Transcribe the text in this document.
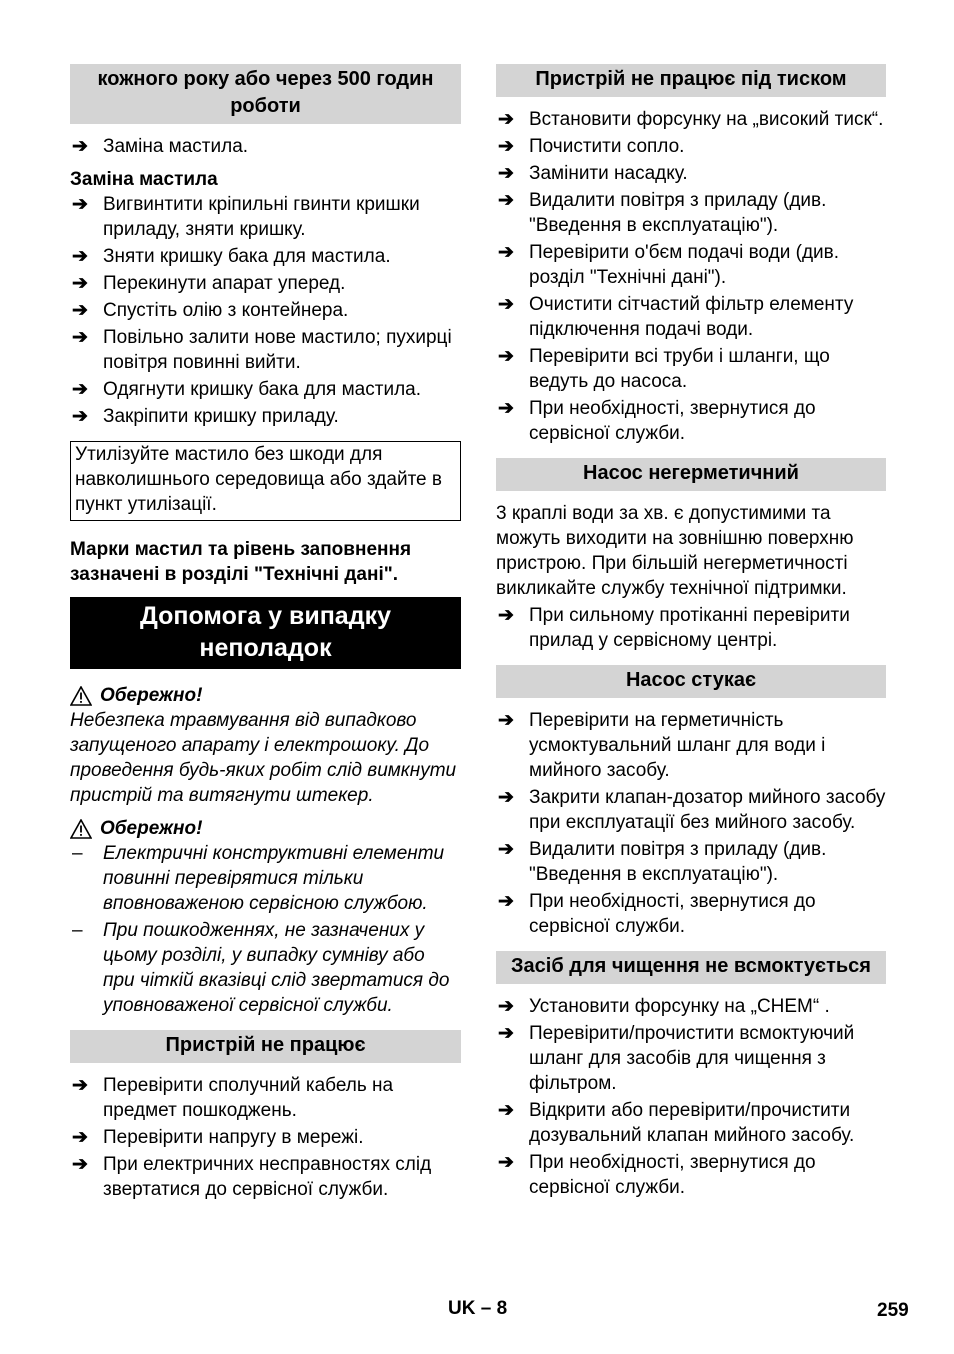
кожного року або через 500 годин роботи
➔ Заміна мастила.
Заміна мастила
➔ Вигвинтити кріпильні гвинти кришки приладу, зняти кришку.
➔ Зняти кришку бака для мастила.
➔ Перекинути апарат уперед.
➔ Спустіть олію з контейнера.
➔ Повільно залити нове мастило; пухирці повітря повинні вийти.
➔ Одягнути кришку бака для мастила.
➔ Закріпити кришку приладу.
Утилізуйте мастило без шкоди для навколишнього середовища або здайте в пункт утилізації.
Марки мастил та рівень заповнення зазначені в розділі "Технічні дані".
Допомога у випадку неполадок
Обережно!
Небезпека травмування від випадково запущеного апарату і електрошоку. До проведення будь-яких робіт слід вимкнути пристрій та витягнути штекер.
Обережно!
– Електричні конструктивні елементи повинні перевірятися тільки вповноваженою сервісною службою.
– При пошкодженнях, не зазначених у цьому розділі, у випадку сумніву або при чіткій вказівці слід звертатися до уповноваженої сервісної служби.
Пристрій не працює
➔ Перевірити сполучний кабель на предмет пошкоджень.
➔ Перевірити напругу в мережі.
➔ При електричних несправностях слід звертатися до сервісної служби.
Пристрій не працює під тиском
➔ Встановити форсунку на „високий тиск“.
➔ Почистити сопло.
➔ Замінити насадку.
➔ Видалити повітря з приладу (див. "Введення в експлуатацію").
➔ Перевірити о'бєм подачі води (див. розділ "Технічні дані").
➔ Очистити сітчастий фільтр елементу підключення подачі води.
➔ Перевірити всі труби і шланги, що ведуть до насоса.
➔ При необхідності, звернутися до сервісної служби.
Насос негерметичний
3 краплі води за хв. є допустимими та можуть виходити на зовнішню поверхню пристрою. При більшій негерметичності викликайте службу технічної підтримки.
➔ При сильному протіканні перевірити прилад у сервісному центрі.
Насос стукає
➔ Перевірити на герметичність усмоктувальний шланг для води і мийного засобу.
➔ Закрити клапан-дозатор мийного засобу при експлуатації без мийного засобу.
➔ Видалити повітря з приладу (див. "Введення в експлуатацію").
➔ При необхідності, звернутися до сервісної служби.
Засіб для чищення не всмоктується
➔ Установити форсунку на „CHEM“ .
➔ Перевірити/прочистити всмоктуючий шланг для засобів для чищення з фільтром.
➔ Відкрити або перевірити/прочистити дозувальний клапан мийного засобу.
➔ При необхідності, звернутися до сервісної служби.
UK – 8	259
